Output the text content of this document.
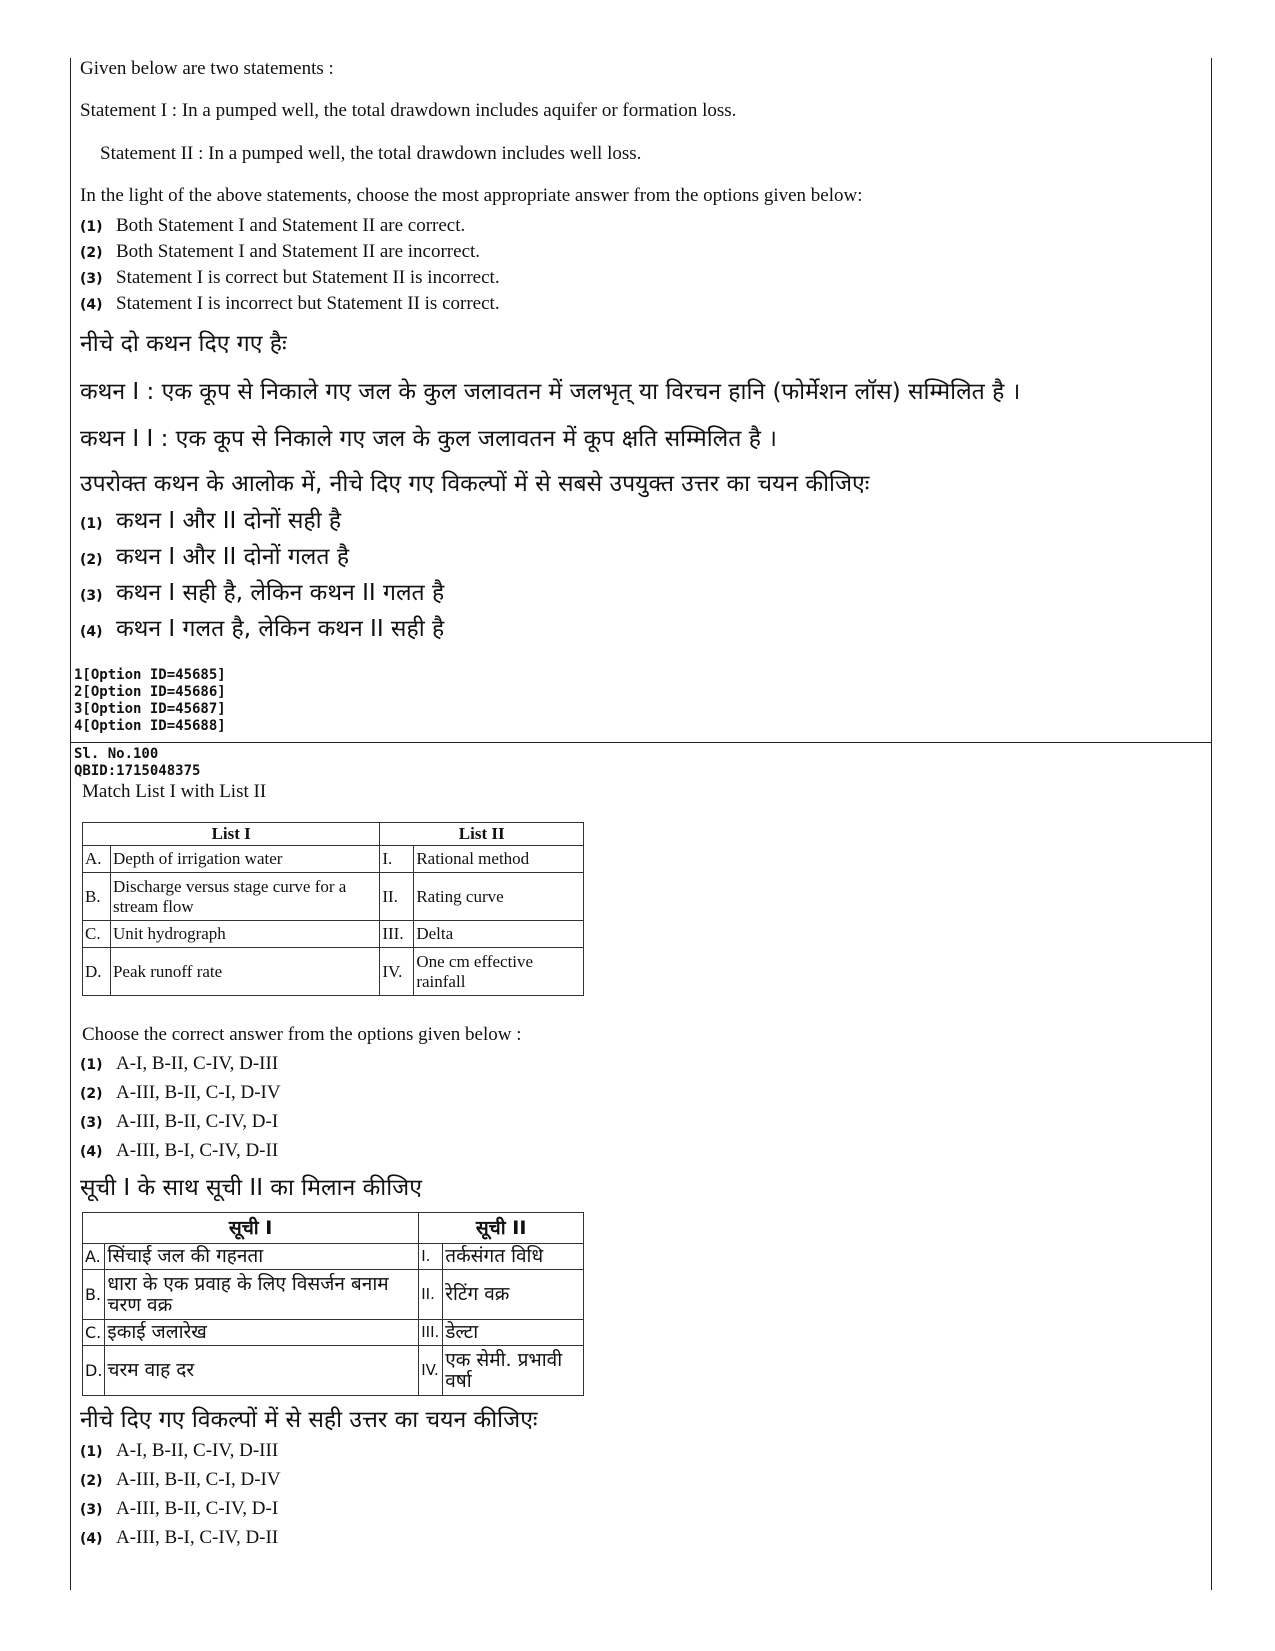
Given below are two statements :
Statement I : In a pumped well, the total drawdown includes aquifer or formation loss.
Statement II : In a pumped well, the total drawdown includes well loss.
In the light of the above statements, choose the most appropriate answer from the options given below:
(1) Both Statement I and Statement II are correct.
(2) Both Statement I and Statement II are incorrect.
(3) Statement I is correct but Statement II is incorrect.
(4) Statement I is incorrect but Statement II is correct.
नीचे दो कथन दिए गए हैः
कथन I : एक कूप से निकाले गए जल के कुल जलावतन में जलभृत् या विरचन हानि (फोर्मेशन लॉस) सम्मिलित है ।
कथन I I : एक कूप से निकाले गए जल के कुल जलावतन में कूप क्षति सम्मिलित है ।
उपरोक्त कथन के आलोक में, नीचे दिए गए विकल्पों में से सबसे उपयुक्त उत्तर का चयन कीजिएः
(1) कथन I और II दोनों सही है
(2) कथन I और II दोनों गलत है
(3) कथन I सही है, लेकिन कथन II गलत है
(4) कथन I गलत है, लेकिन कथन II सही है
1[Option ID=45685]
2[Option ID=45686]
3[Option ID=45687]
4[Option ID=45688]
Sl. No.100
QBID:1715048375
Match List I with List II
List I		List II	
A.	Depth of irrigation water	I.	Rational method
B.	Discharge versus stage curve for a stream flow	II.	Rating curve
C.	Unit hydrograph	III.	Delta
D.	Peak runoff rate	IV.	One cm effective rainfall
Choose the correct answer from the options given below :
(1) A-I, B-II, C-IV, D-III
(2) A-III, B-II, C-I, D-IV
(3) A-III, B-II, C-IV, D-I
(4) A-III, B-I, C-IV, D-II
सूची I के साथ सूची II का मिलान कीजिए
सूची I		सूची II	
A.	सिंचाई जल की गहनता	I.	तर्कसंगत विधि
B.	धारा के एक प्रवाह के लिए विसर्जन बनाम चरण वक्र	II.	रेटिंग वक्र
C.	इकाई जलारेख	III.	डेल्टा
D.	चरम वाह दर	IV.	एक सेमी. प्रभावी वर्षा
नीचे दिए गए विकल्पों में से सही उत्तर का चयन कीजिएः
(1) A-I, B-II, C-IV, D-III
(2) A-III, B-II, C-I, D-IV
(3) A-III, B-II, C-IV, D-I
(4) A-III, B-I, C-IV, D-II
